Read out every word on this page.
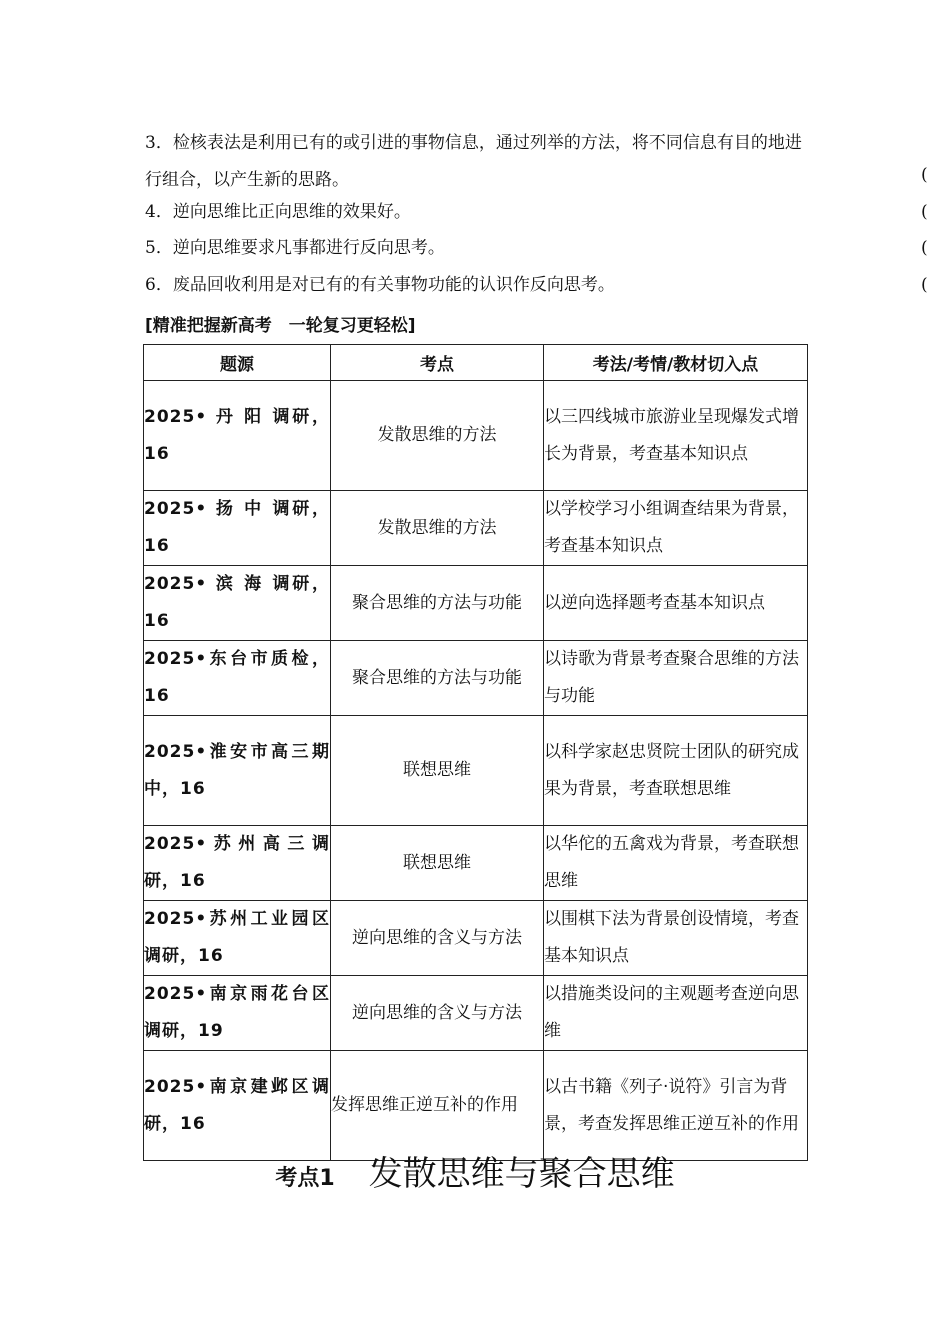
3．检核表法是利用已有的或引进的事物信息，通过列举的方法，将不同信息有目的地进行组合，以产生新的思路。	(
4．逆向思维比正向思维的效果好。	(
5．逆向思维要求凡事都进行反向思考。	(
6．废品回收利用是对已有的有关事物功能的认识作反向思考。	(
[精准把握新高考　一轮复习更轻松]
题源	考点	考法/考情/教材切入点
2025• 丹 阳 调研，16	发散思维的方法	以三四线城市旅游业呈现爆发式增长为背景，考查基本知识点
2025• 扬 中 调研，16	发散思维的方法	以学校学习小组调查结果为背景，考查基本知识点
2025• 滨 海 调研，16	聚合思维的方法与功能	以逆向选择题考查基本知识点
2025•东台市质检，16	聚合思维的方法与功能	以诗歌为背景考查聚合思维的方法与功能
2025•淮安市高三期中，16	联想思维	以科学家赵忠贤院士团队的研究成果为背景，考查联想思维
2025•苏州高三调研，16	联想思维	以华佗的五禽戏为背景，考查联想思维
2025•苏州工业园区调研，16	逆向思维的含义与方法	以围棋下法为背景创设情境，考查基本知识点
2025•南京雨花台区调研，19	逆向思维的含义与方法	以措施类设问的主观题考查逆向思维
2025•南京建邺区调研，16	发挥思维正逆互补的作用	以古书籍《列子·说符》引言为背景，考查发挥思维正逆互补的作用
考点1 发散思维与聚合思维
